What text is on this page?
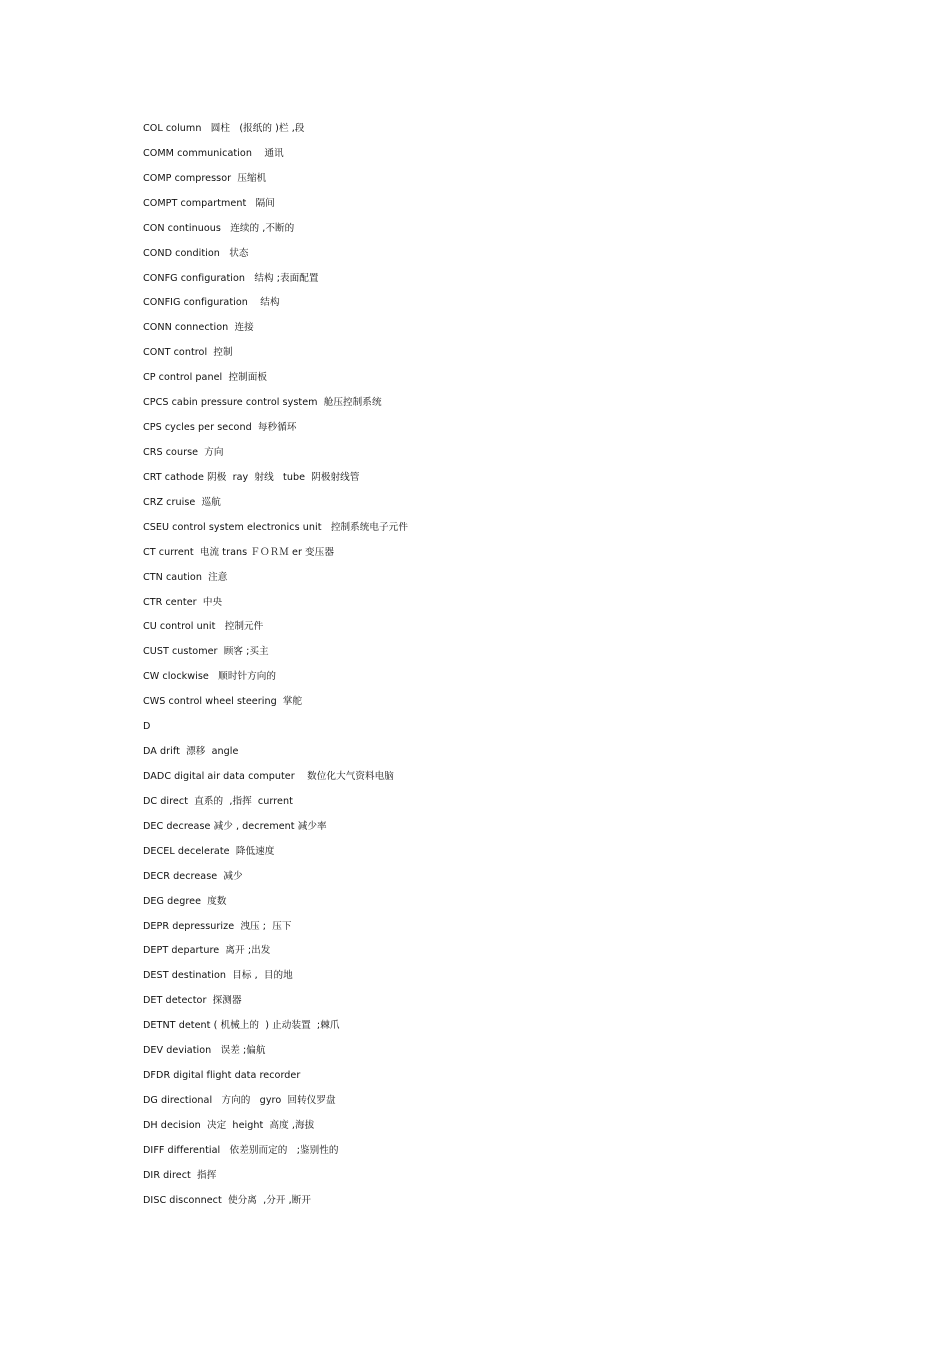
COL column   圆柱   (报纸的 )栏 ,段
COMM communication    通讯
COMP compressor  压缩机
COMPT compartment   隔间
CON continuous   连续的 ,不断的
COND condition   状态
CONFG configuration   结构 ;表面配置
CONFIG configuration    结构
CONN connection  连接
CONT control  控制
CP control panel  控制面板
CPCS cabin pressure control system  舱压控制系统
CPS cycles per second  每秒循环
CRS course  方向
CRT cathode 阴极  ray  射线   tube  阴极射线管
CRZ cruise  巡航
CSEU control system electronics unit   控制系统电子元件
CT current  电流 trans ＦＯＲＭ er 变压器
CTN caution  注意
CTR center  中央
CU control unit   控制元件
CUST customer  顾客 ;买主
CW clockwise   顺时针方向的
CWS control wheel steering  掌舵
D
DA drift  漂移  angle
DADC digital air data computer    数位化大气资料电脑
DC direct  直系的  ,指挥  current
DEC decrease 减少 , decrement 减少率
DECEL decelerate  降低速度
DECR decrease  减少
DEG degree  度数
DEPR depressurize  洩压 ;  压下
DEPT departure  离开 ;出发
DEST destination  目标 ,  目的地
DET detector  探测器
DETNT detent ( 机械上的  ) 止动装置  ;棘爪
DEV deviation   误差 ;偏航
DFDR digital flight data recorder
DG directional   方向的   gyro  回转仪罗盘
DH decision  决定  height  高度 ,海拔
DIFF differential   依差别而定的   ;鉴别性的
DIR direct  指挥
DISC disconnect  使分离  ,分开 ,断开
